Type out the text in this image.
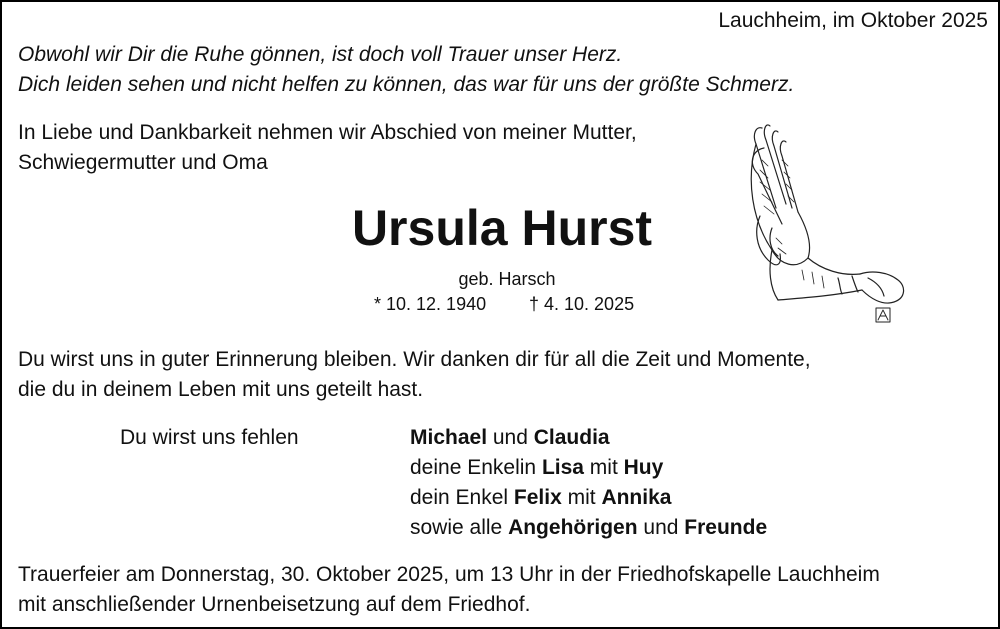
Lauchheim, im Oktober 2025
Obwohl wir Dir die Ruhe gönnen, ist doch voll Trauer unser Herz.
Dich leiden sehen und nicht helfen zu können, das war für uns der größte Schmerz.
In Liebe und Dankbarkeit nehmen wir Abschied von meiner Mutter,
Schwiegermutter und Oma
Ursula Hurst
geb. Harsch
* 10. 12. 1940 † 4. 10. 2025
Du wirst uns in guter Erinnerung bleiben. Wir danken dir für all die Zeit und Momente,
die du in deinem Leben mit uns geteilt hast.
Du wirst uns fehlen	Michael und Claudia
deine Enkelin Lisa mit Huy
dein Enkel Felix mit Annika
sowie alle Angehörigen und Freunde
Trauerfeier am Donnerstag, 30. Oktober 2025, um 13 Uhr in der Friedhofskapelle Lauchheim
mit anschließender Urnenbeisetzung auf dem Friedhof.
